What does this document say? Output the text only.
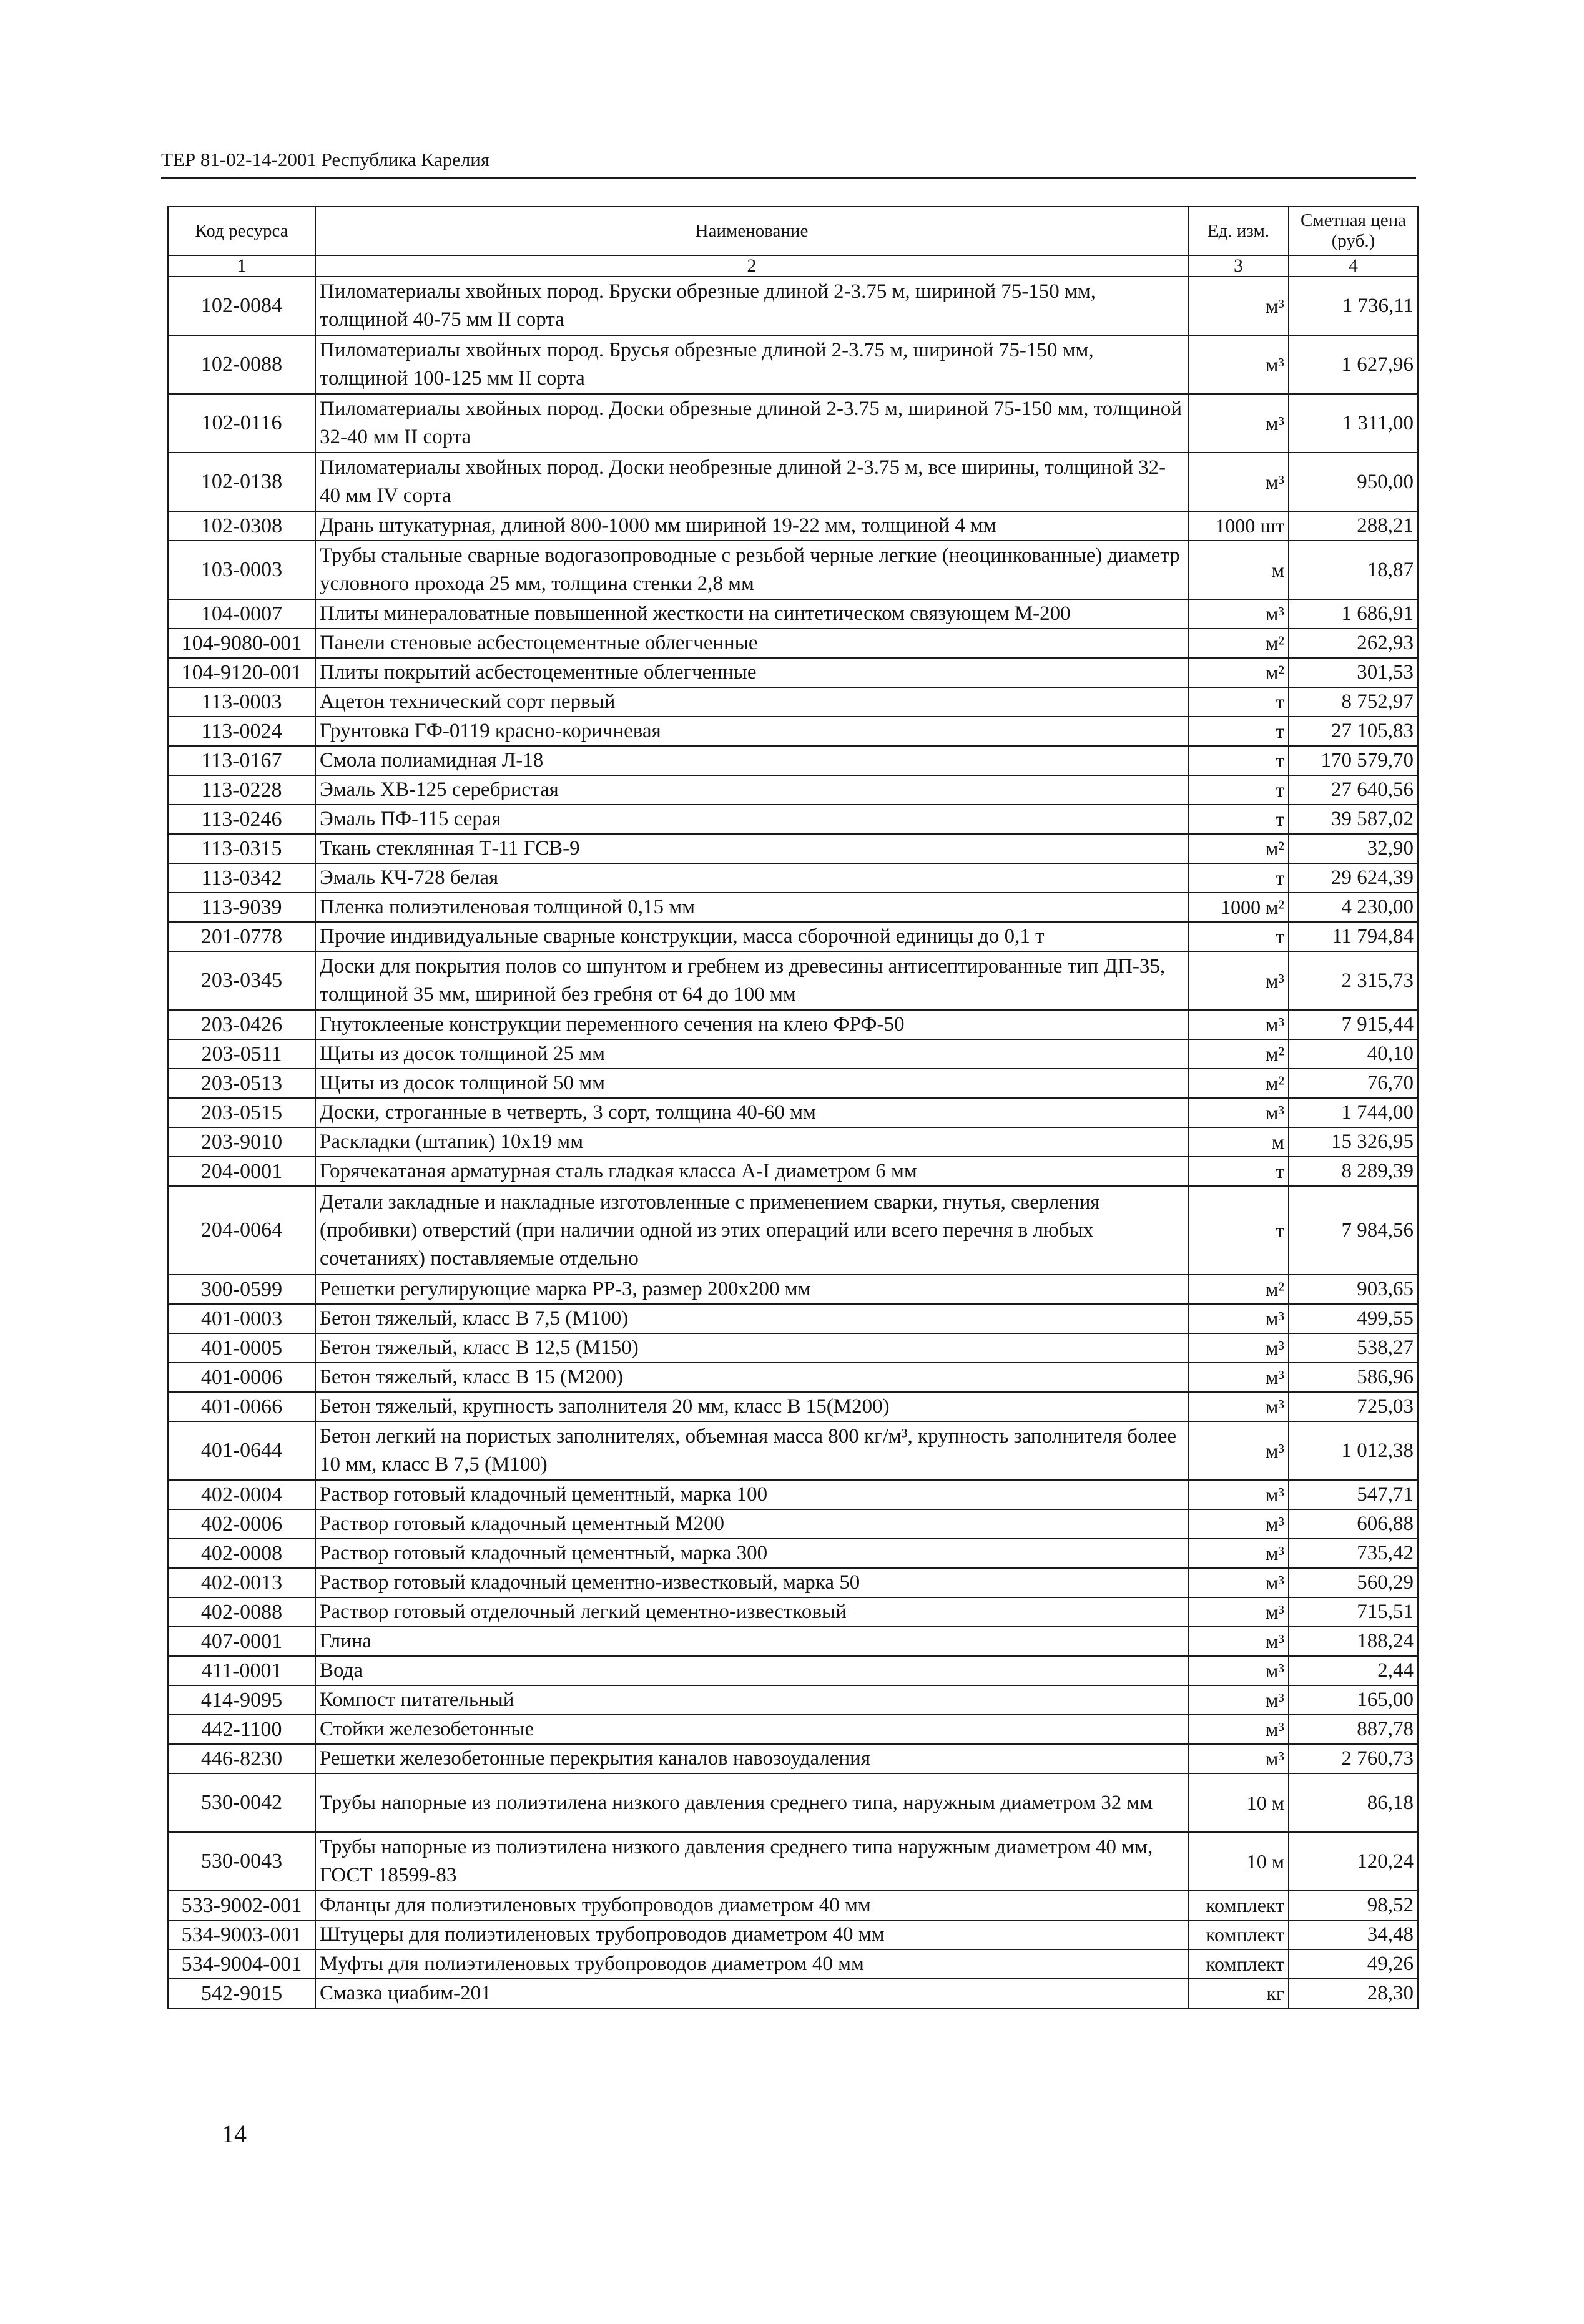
ТЕР 81-02-14-2001 Республика Карелия
Код ресурса	Наименование	Ед. изм.	Сметная цена (руб.)
1	2	3	4
102-0084	Пиломатериалы хвойных пород. Бруски обрезные длиной 2-3.75 м, шириной 75-150 мм, толщиной 40-75 мм II сорта	м³	1 736,11
102-0088	Пиломатериалы хвойных пород. Брусья обрезные длиной 2-3.75 м, шириной 75-150 мм, толщиной 100-125 мм II сорта	м³	1 627,96
102-0116	Пиломатериалы хвойных пород. Доски обрезные длиной 2-3.75 м, шириной 75-150 мм, толщиной 32-40 мм II сорта	м³	1 311,00
102-0138	Пиломатериалы хвойных пород. Доски необрезные длиной 2-3.75 м, все ширины, толщиной 32-40 мм IV сорта	м³	950,00
102-0308	Дрань штукатурная, длиной 800-1000 мм шириной 19-22 мм, толщиной 4 мм	1000 шт	288,21
103-0003	Трубы стальные сварные водогазопроводные с резьбой черные легкие (неоцинкованные) диаметр условного прохода 25 мм, толщина стенки 2,8 мм	м	18,87
104-0007	Плиты минераловатные повышенной жесткости на синтетическом связующем М-200	м³	1 686,91
104-9080-001	Панели стеновые асбестоцементные облегченные	м²	262,93
104-9120-001	Плиты покрытий асбестоцементные облегченные	м²	301,53
113-0003	Ацетон технический сорт первый	т	8 752,97
113-0024	Грунтовка ГФ-0119 красно-коричневая	т	27 105,83
113-0167	Смола полиамидная Л-18	т	170 579,70
113-0228	Эмаль ХВ-125 серебристая	т	27 640,56
113-0246	Эмаль ПФ-115 серая	т	39 587,02
113-0315	Ткань стеклянная Т-11 ГСВ-9	м²	32,90
113-0342	Эмаль КЧ-728 белая	т	29 624,39
113-9039	Пленка полиэтиленовая толщиной 0,15 мм	1000 м²	4 230,00
201-0778	Прочие индивидуальные сварные конструкции, масса сборочной единицы до 0,1 т	т	11 794,84
203-0345	Доски для покрытия полов со шпунтом и гребнем из древесины антисептированные тип ДП-35, толщиной 35 мм, шириной без гребня от 64 до 100 мм	м³	2 315,73
203-0426	Гнутоклееные конструкции переменного сечения на клею ФРФ-50	м³	7 915,44
203-0511	Щиты из досок толщиной 25 мм	м²	40,10
203-0513	Щиты из досок толщиной 50 мм	м²	76,70
203-0515	Доски, строганные в четверть, 3 сорт, толщина 40-60 мм	м³	1 744,00
203-9010	Раскладки (штапик) 10х19 мм	м	15 326,95
204-0001	Горячекатаная арматурная сталь гладкая класса А-I диаметром 6 мм	т	8 289,39
204-0064	Детали закладные и накладные изготовленные с применением сварки, гнутья, сверления (пробивки) отверстий (при наличии одной из этих операций или всего перечня в любых сочетаниях) поставляемые отдельно	т	7 984,56
300-0599	Решетки регулирующие марка РР-3, размер 200х200 мм	м²	903,65
401-0003	Бетон тяжелый, класс В 7,5 (М100)	м³	499,55
401-0005	Бетон тяжелый, класс В 12,5 (М150)	м³	538,27
401-0006	Бетон тяжелый, класс В 15 (М200)	м³	586,96
401-0066	Бетон тяжелый, крупность заполнителя 20 мм, класс В 15(М200)	м³	725,03
401-0644	Бетон легкий на пористых заполнителях, объемная масса 800 кг/м³, крупность заполнителя более 10 мм, класс В 7,5 (М100)	м³	1 012,38
402-0004	Раствор готовый кладочный цементный, марка 100	м³	547,71
402-0006	Раствор готовый кладочный цементный М200	м³	606,88
402-0008	Раствор готовый кладочный цементный, марка 300	м³	735,42
402-0013	Раствор готовый кладочный цементно-известковый, марка 50	м³	560,29
402-0088	Раствор готовый отделочный легкий цементно-известковый	м³	715,51
407-0001	Глина	м³	188,24
411-0001	Вода	м³	2,44
414-9095	Компост питательный	м³	165,00
442-1100	Стойки железобетонные	м³	887,78
446-8230	Решетки железобетонные перекрытия каналов навозоудаления	м³	2 760,73
530-0042	Трубы напорные из полиэтилена низкого давления среднего типа, наружным диаметром 32 мм	10 м	86,18
530-0043	Трубы напорные из полиэтилена низкого давления среднего типа наружным диаметром 40 мм, ГОСТ 18599-83	10 м	120,24
533-9002-001	Фланцы для полиэтиленовых трубопроводов диаметром 40 мм	комплект	98,52
534-9003-001	Штуцеры для полиэтиленовых трубопроводов диаметром 40 мм	комплект	34,48
534-9004-001	Муфты для полиэтиленовых трубопроводов диаметром 40 мм	комплект	49,26
542-9015	Смазка циабим-201	кг	28,30
14
